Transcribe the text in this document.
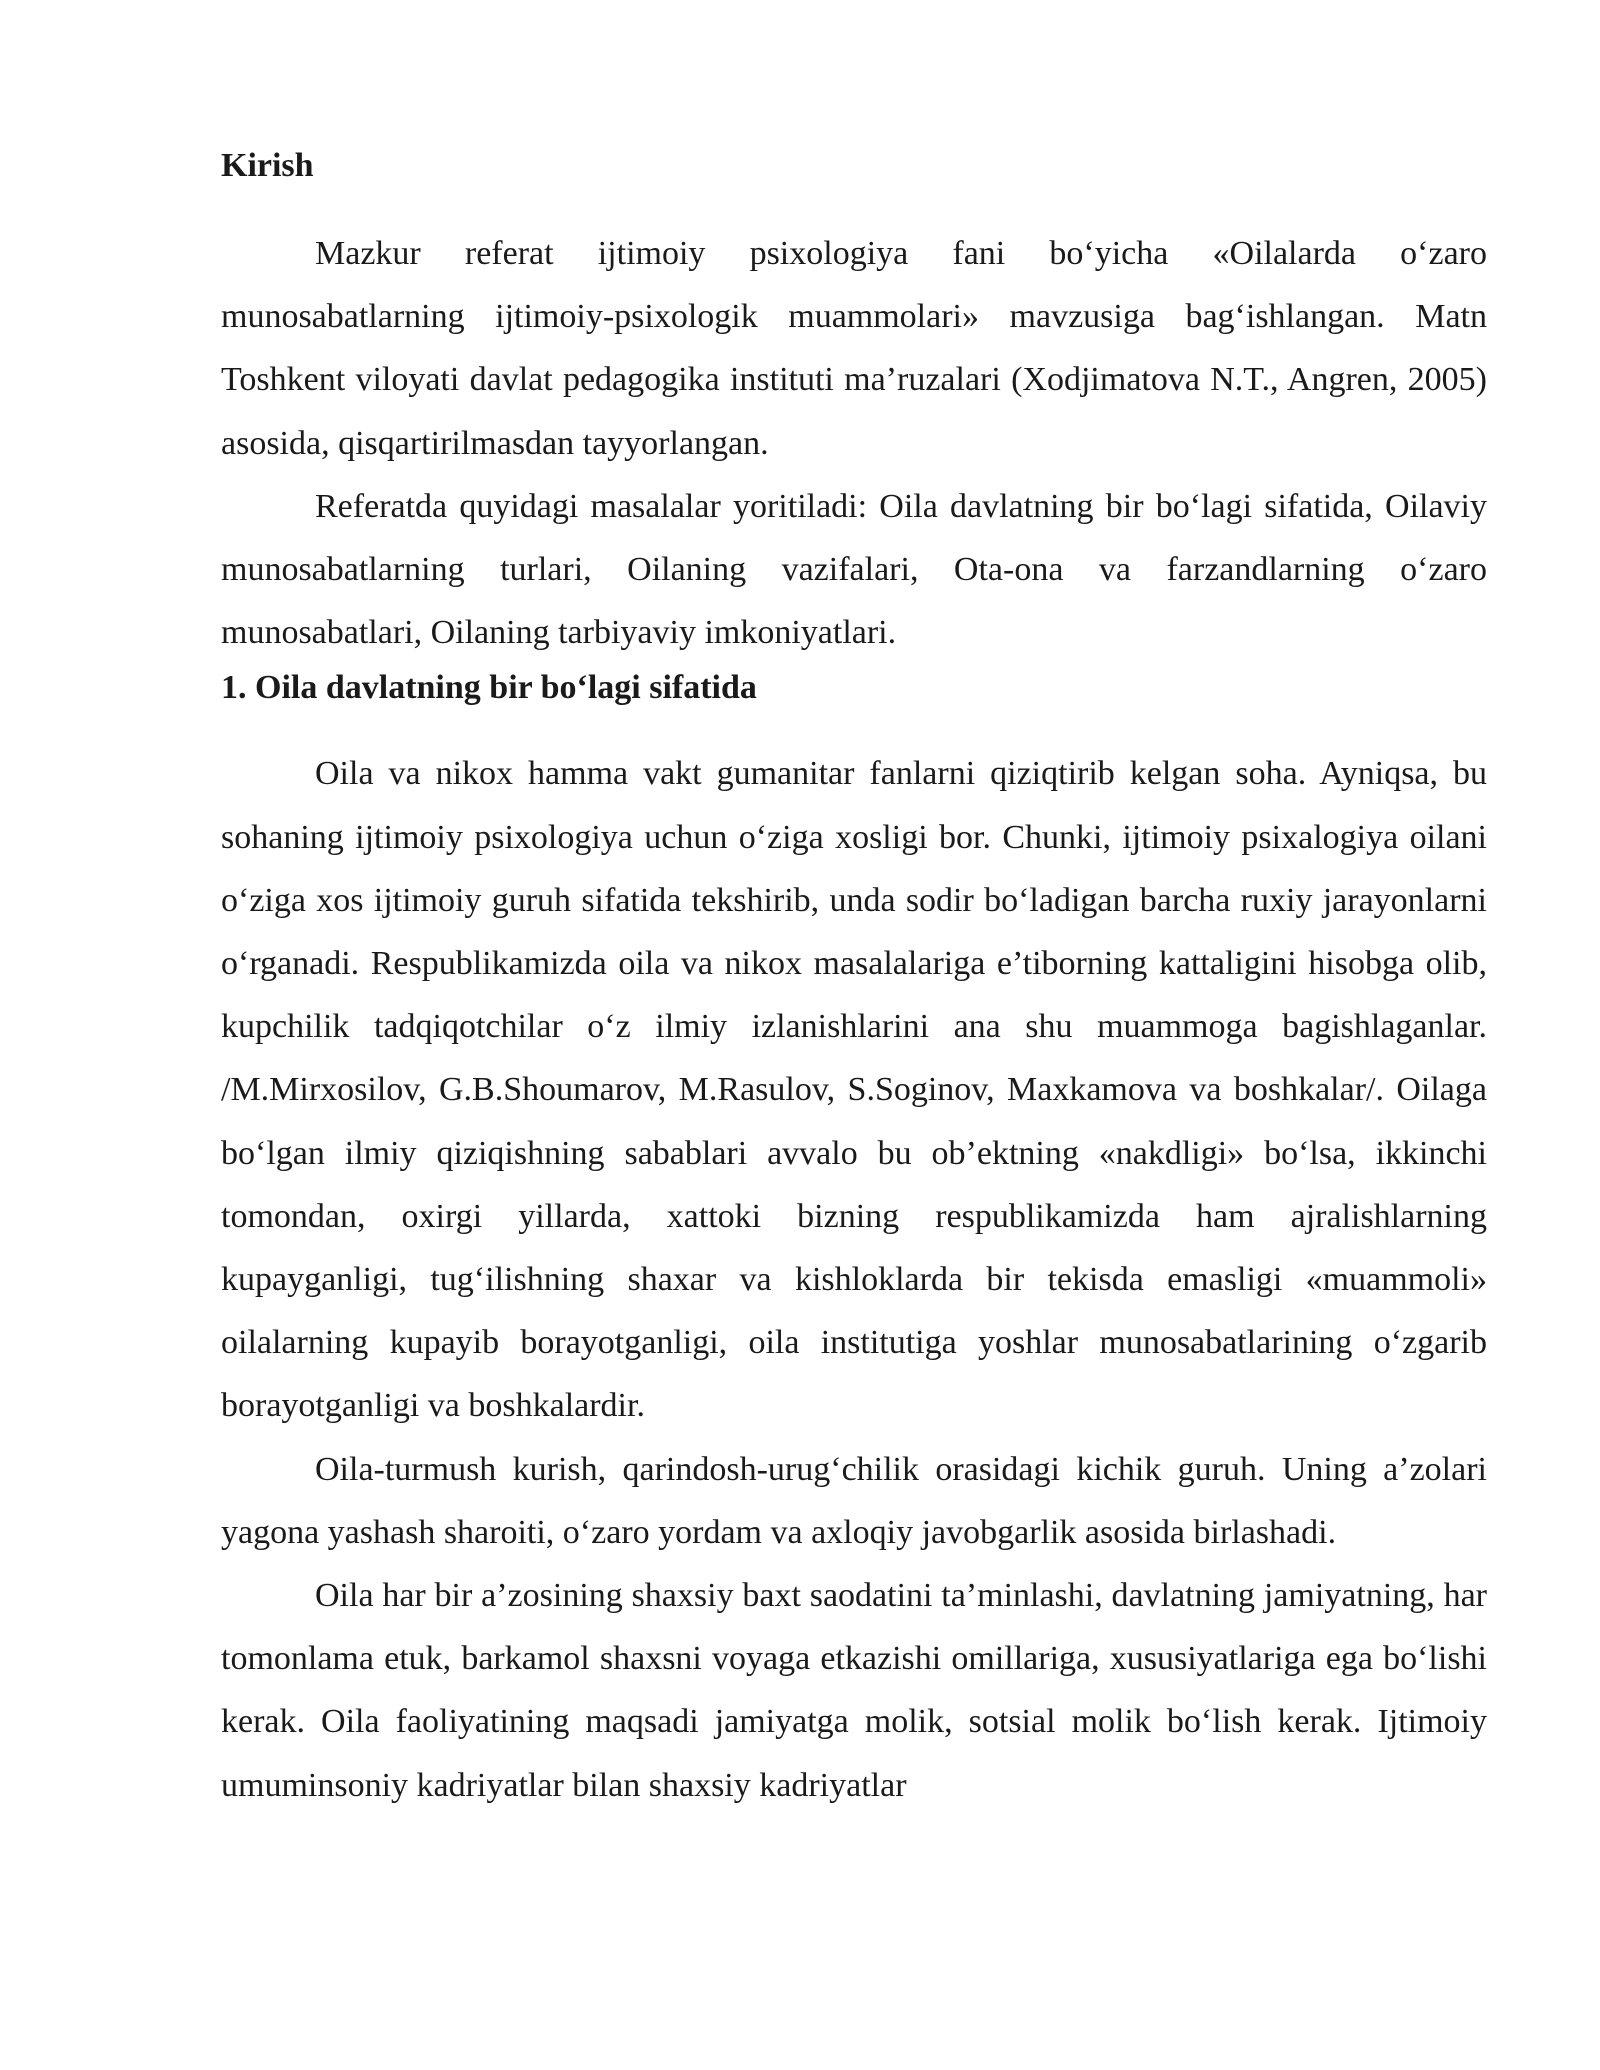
Kirish

Mazkur referat ijtimoiy psixologiya fani bo‘yicha «Oilalarda o‘zaro munosabatlarning ijtimoiy-psixologik muammolari» mavzusiga bag‘ishlangan. Matn Toshkent viloyati davlat pedagogika instituti ma’ruzalari (Xodjimatova N.T., Angren, 2005) asosida, qisqartirilmasdan tayyorlangan.

Referatda quyidagi masalalar yoritiladi: Oila davlatning bir bo‘lagi sifatida, Oilaviy munosabatlarning turlari, Oilaning vazifalari, Ota-ona va farzandlarning o‘zaro munosabatlari, Oilaning tarbiyaviy imkoniyatlari.

1. Oila davlatning bir bo‘lagi sifatida

Oila va nikox hamma vakt gumanitar fanlarni qiziqtirib kelgan soha. Ayniqsa, bu sohaning ijtimoiy psixologiya uchun o‘ziga xosligi bor. Chunki, ijtimoiy psixalogiya oilani o‘ziga xos ijtimoiy guruh sifatida tekshirib, unda sodir bo‘ladigan barcha ruxiy jarayonlarni o‘rganadi. Respublikamizda oila va nikox masalalariga e’tiborning kattaligini hisobga olib, kupchilik tadqiqotchilar o‘z ilmiy izlanishlarini ana shu muammoga bagishlaganlar. /M.Mirxosilov, G.B.Shoumarov, M.Rasulov, S.Soginov, Maxkamova va boshkalar/. Oilaga bo‘lgan ilmiy qiziqishning sabablari avvalo bu ob’ektning «nakdligi» bo‘lsa, ikkinchi tomondan, oxirgi yillarda, xattoki bizning respublikamizda ham ajralishlarning kupayganligi, tug‘ilishning shaxar va kishloklarda bir tekisda emasligi «muammoli» oilalarning kupayib borayotganligi, oila institutiga yoshlar munosabatlarining o‘zgarib borayotganligi va boshkalardir.

Oila-turmush kurish, qarindosh-urug‘chilik orasidagi kichik guruh. Uning a’zolari yagona yashash sharoiti, o‘zaro yordam va axloqiy javobgarlik asosida birlashadi.

Oila har bir a’zosining shaxsiy baxt saodatini ta’minlashi, davlatning jamiyatning, har tomonlama etuk, barkamol shaxsni voyaga etkazishi omillariga, xususiyatlariga ega bo‘lishi kerak. Oila faoliyatining maqsadi jamiyatga molik, sotsial molik bo‘lish kerak. Ijtimoiy umuminsoniy kadriyatlar bilan shaxsiy kadriyatlar
